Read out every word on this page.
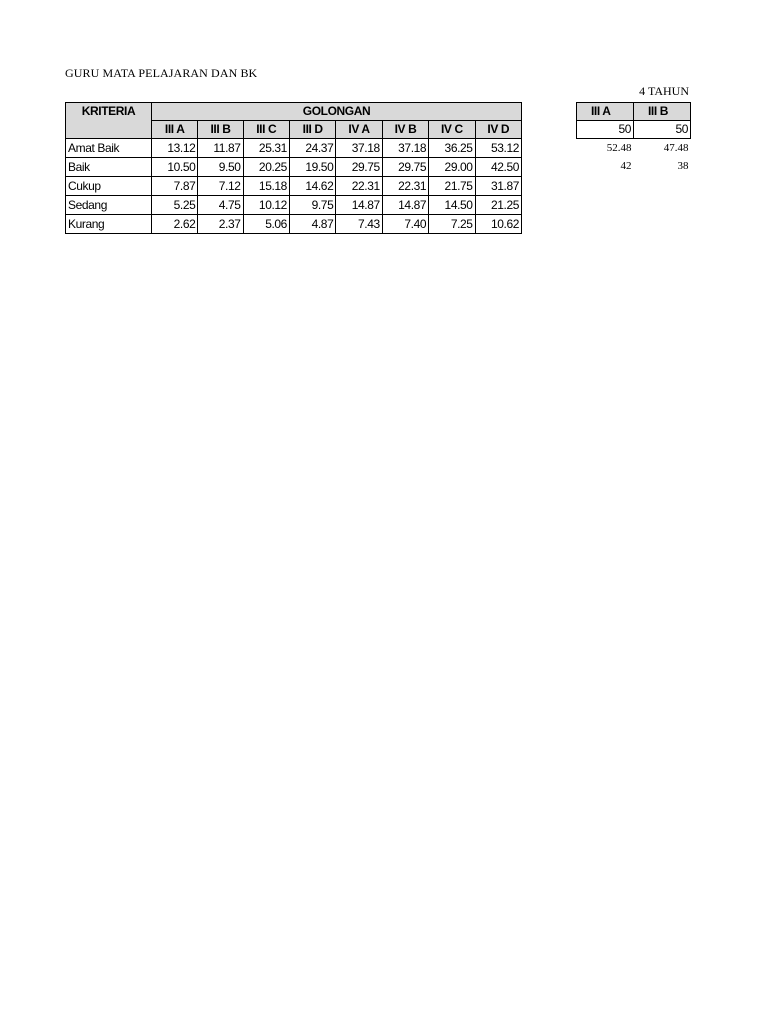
GURU MATA PELAJARAN DAN BK
4 TAHUN
KRITERIA	GOLONGAN							
	III A	III B	III C	III D	IV A	IV B	IV C	IV D
Amat Baik	13.12	11.87	25.31	24.37	37.18	37.18	36.25	53.12
Baik	10.50	9.50	20.25	19.50	29.75	29.75	29.00	42.50
Cukup	7.87	7.12	15.18	14.62	22.31	22.31	21.75	31.87
Sedang	5.25	4.75	10.12	9.75	14.87	14.87	14.50	21.25
Kurang	2.62	2.37	5.06	4.87	7.43	7.40	7.25	10.62
III A	III B
50	50
52.48	47.48
42	38
